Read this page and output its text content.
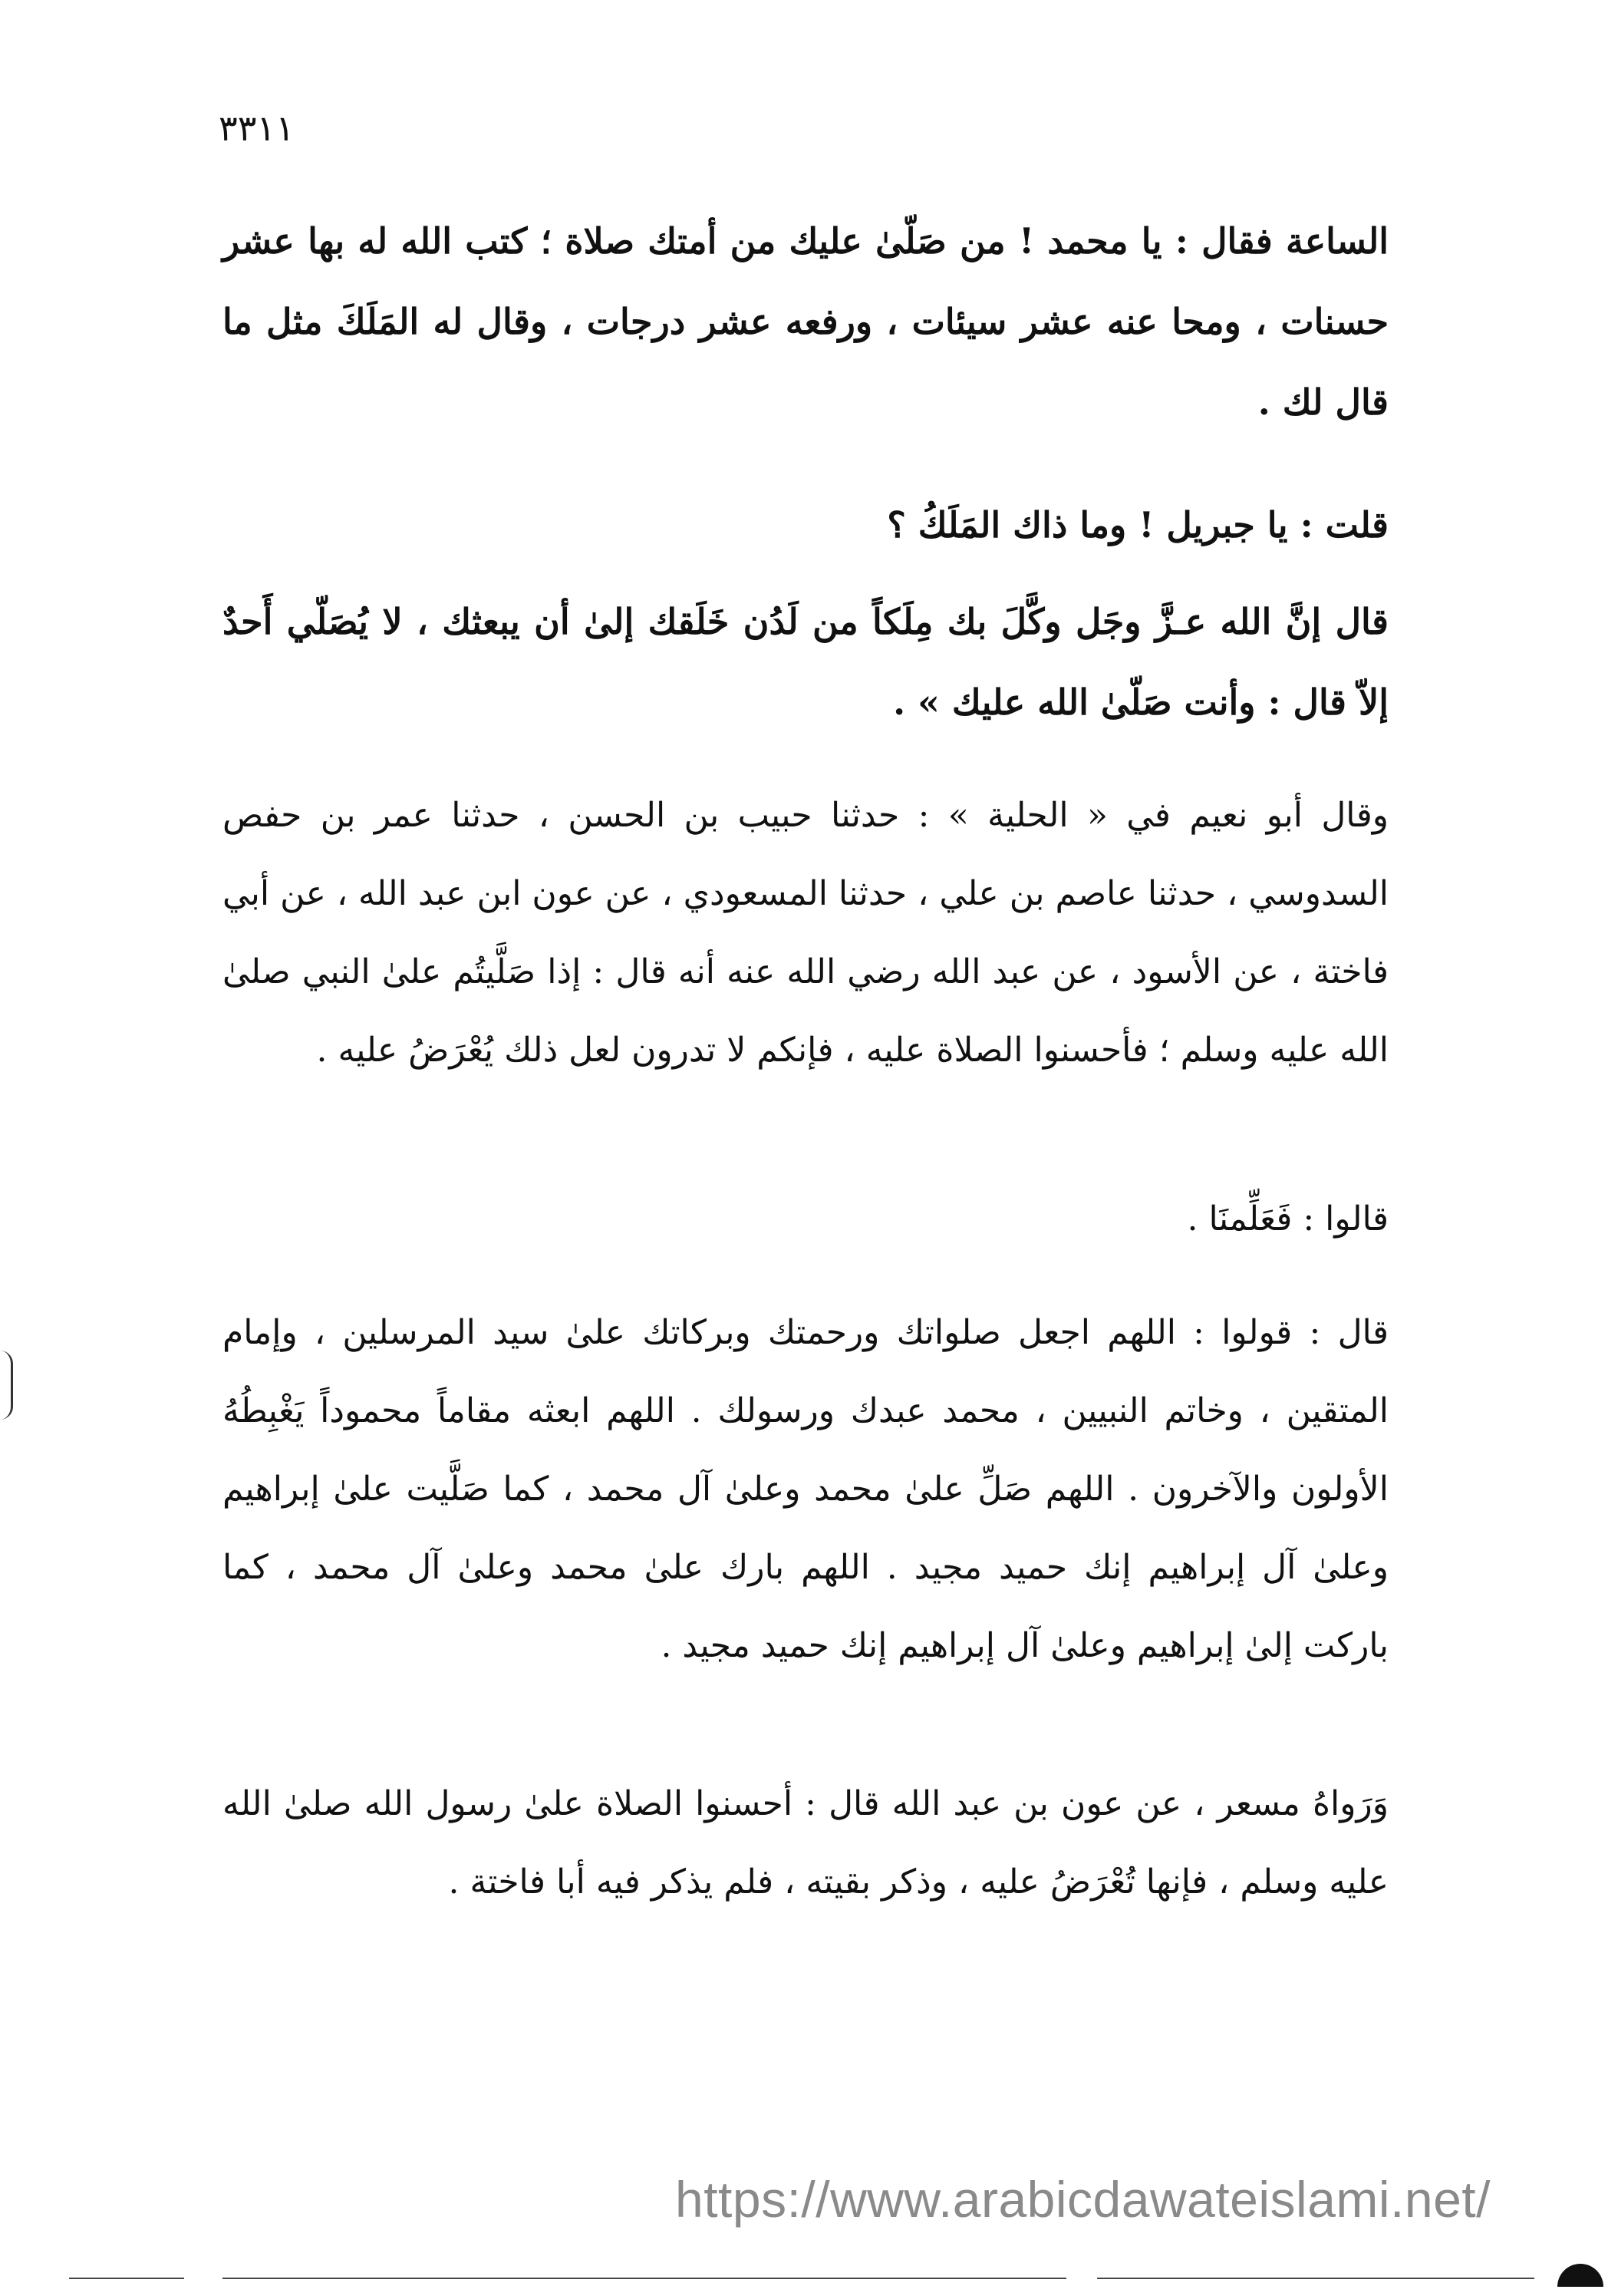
٣٣١١

الساعة فقال : يا محمد ! من صَلّىٰ عليك من أمتك صلاة ؛ كتب الله له بها عشر حسنات ، ومحا عنه عشر سيئات ، ورفعه عشر درجات ، وقال له المَلَكَ مثل ما قال لك .

قلت : يا جبريل ! وما ذاك المَلَكُ ؟

قال إنَّ الله عـزَّ وجَل وكَّلَ بك مِلَكاً من لَدُن خَلَقك إلىٰ أن يبعثك ، لا يُصَلّي أَحدٌ إلاّ قال : وأنت صَلّىٰ الله عليك » .

وقال أبو نعيم في « الحلية » : حدثنا حبيب بن الحسن ، حدثنا عمر بن حفص السدوسي ، حدثنا عاصم بن علي ، حدثنا المسعودي ، عن عون ابن عبد الله ، عن أبي فاختة ، عن الأسود ، عن عبد الله رضي الله عنه أنه قال : إذا صَلَّيتُم علىٰ النبي صلىٰ الله عليه وسلم ؛ فأحسنوا الصلاة عليه ، فإنكم لا تدرون لعل ذلك يُعْرَضُ عليه .

قالوا : فَعَلِّمنَا .

قال : قولوا : اللهم اجعل صلواتك ورحمتك وبركاتك علىٰ سيد المرسلين ، وإمام المتقين ، وخاتم النبيين ، محمد عبدك ورسولك . اللهم ابعثه مقاماً محموداً يَغْبِطُهُ الأولون والآخرون . اللهم صَلِّ علىٰ محمد وعلىٰ آل محمد ، كما صَلَّيت علىٰ إبراهيم وعلىٰ آل إبراهيم إنك حميد مجيد . اللهم بارك علىٰ محمد وعلىٰ آل محمد ، كما باركت إلىٰ إبراهيم وعلىٰ آل إبراهيم إنك حميد مجيد .

وَرَواهُ مسعر ، عن عون بن عبد الله قال : أحسنوا الصلاة علىٰ رسول الله صلىٰ الله عليه وسلم ، فإنها تُعْرَضُ عليه ، وذكر بقيته ، فلم يذكر فيه أبا فاختة .

https://www.arabicdawateislami.net/
